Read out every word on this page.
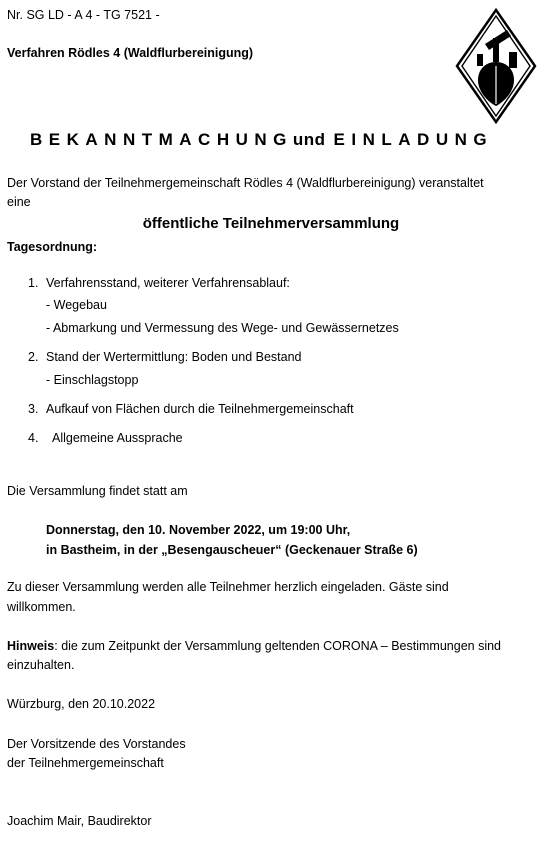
Nr. SG LD - A 4 - TG 7521 -
Verfahren Rödles 4 (Waldflurbereinigung)
BEKANNTMACHUNGund EINLADUNG
Der Vorstand der Teilnehmergemeinschaft Rödles 4 (Waldflurbereinigung) veranstaltet
eine
öffentliche Teilnehmerversammlung
Tagesordnung:
1. Verfahrensstand, weiterer Verfahrensablauf:
- Wegebau
- Abmarkung und Vermessung des Wege- und Gewässernetzes
2. Stand der Wertermittlung: Boden und Bestand
- Einschlagstopp
3. Aufkauf von Flächen durch die Teilnehmergemeinschaft
4. Allgemeine Aussprache
Die Versammlung findet statt am
Donnerstag, den 10. November 2022, um 19:00 Uhr,
in Bastheim, in der „Besengauscheuer“ (Geckenauer Straße 6)
Zu dieser Versammlung werden alle Teilnehmer herzlich eingeladen. Gäste sind
willkommen.
Hinweis: die zum Zeitpunkt der Versammlung geltenden CORONA – Bestimmungen sind
einzuhalten.
Würzburg, den 20.10.2022
Der Vorsitzende des Vorstandes
der Teilnehmergemeinschaft
Joachim Mair, Baudirektor
